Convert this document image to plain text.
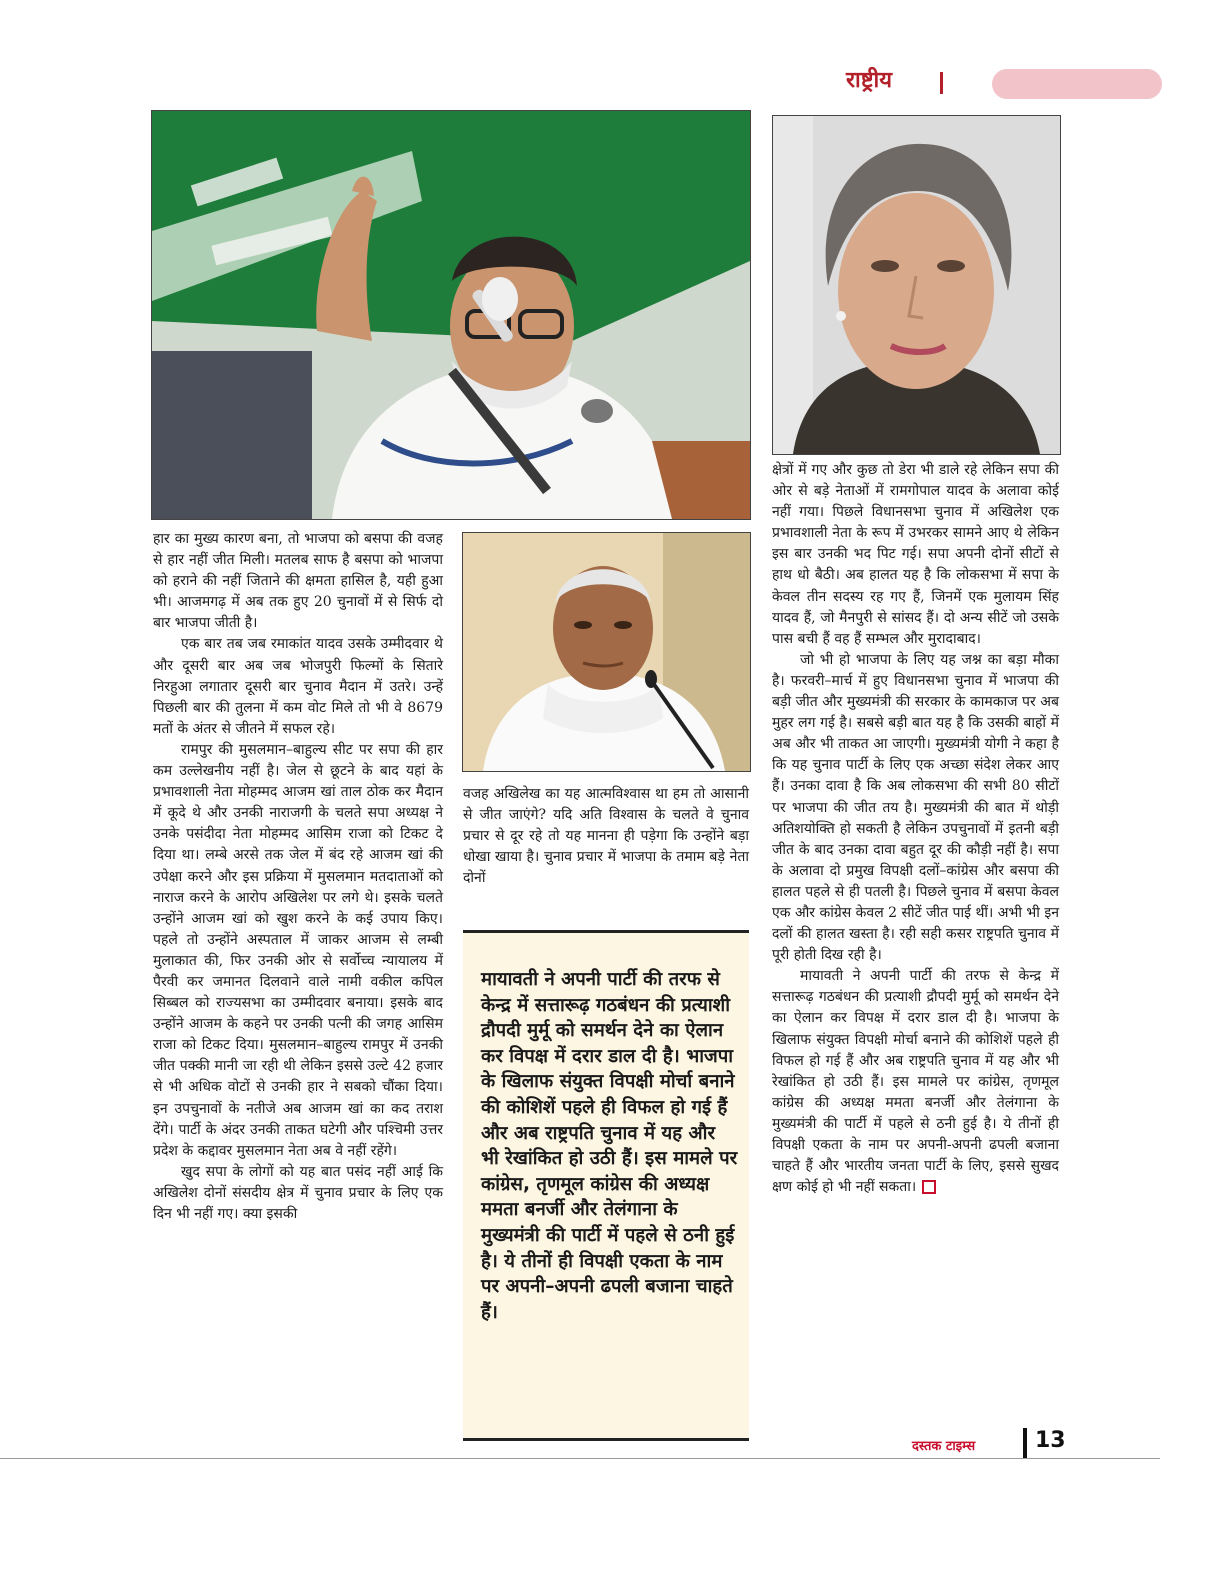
राष्ट्रीय

हार का मुख्य कारण बना, तो भाजपा को बसपा की वजह से हार नहीं जीत मिली। मतलब साफ है बसपा को भाजपा को हराने की नहीं जिताने की क्षमता हासिल है, यही हुआ भी। आजमगढ़ में अब तक हुए 20 चुनावों में से सिर्फ दो बार भाजपा जीती है।

एक बार तब जब रमाकांत यादव उसके उम्मीदवार थे और दूसरी बार अब जब भोजपुरी फिल्मों के सितारे निरहुआ लगातार दूसरी बार चुनाव मैदान में उतरे। उन्हें पिछली बार की तुलना में कम वोट मिले तो भी वे 8679 मतों के अंतर से जीतने में सफल रहे।

रामपुर की मुसलमान–बाहुल्य सीट पर सपा की हार कम उल्लेखनीय नहीं है। जेल से छूटने के बाद यहां के प्रभावशाली नेता मोहम्मद आजम खां ताल ठोक कर मैदान में कूदे थे और उनकी नाराजगी के चलते सपा अध्यक्ष ने उनके पसंदीदा नेता मोहम्मद आसिम राजा को टिकट दे दिया था। लम्बे अरसे तक जेल में बंद रहे आजम खां की उपेक्षा करने और इस प्रक्रिया में मुसलमान मतदाताओं को नाराज करने के आरोप अखिलेश पर लगे थे। इसके चलते उन्होंने आजम खां को खुश करने के कई उपाय किए। पहले तो उन्होंने अस्पताल में जाकर आजम से लम्बी मुलाकात की, फिर उनकी ओर से सर्वोच्च न्यायालय में पैरवी कर जमानत दिलवाने वाले नामी वकील कपिल सिब्बल को राज्यसभा का उम्मीदवार बनाया। इसके बाद उन्होंने आजम के कहने पर उनकी पत्नी की जगह आसिम राजा को टिकट दिया। मुसलमान–बाहुल्य रामपुर में उनकी जीत पक्की मानी जा रही थी लेकिन इससे उल्टे 42 हजार से भी अधिक वोटों से उनकी हार ने सबको चौंका दिया। इन उपचुनावों के नतीजे अब आजम खां का कद तराश देंगे। पार्टी के अंदर उनकी ताकत घटेगी और पश्चिमी उत्तर प्रदेश के कद्दावर मुसलमान नेता अब वे नहीं रहेंगे।

खुद सपा के लोगों को यह बात पसंद नहीं आई कि अखिलेश दोनों संसदीय क्षेत्र में चुनाव प्रचार के लिए एक दिन भी नहीं गए। क्या इसकी

वजह अखिलेख का यह आत्मविश्वास था हम तो आसानी से जीत जाएंगे? यदि अति विश्वास के चलते वे चुनाव प्रचार से दूर रहे तो यह मानना ही पड़ेगा कि उन्होंने बड़ा धोखा खाया है। चुनाव प्रचार में भाजपा के तमाम बड़े नेता दोनों

मायावती ने अपनी पार्टी की तरफ से केन्द्र में सत्तारूढ़ गठबंधन की प्रत्याशी द्रौपदी मुर्मू को समर्थन देने का ऐलान कर विपक्ष में दरार डाल दी है। भाजपा के खिलाफ संयुक्त विपक्षी मोर्चा बनाने की कोशिशें पहले ही विफल हो गई हैं और अब राष्ट्रपति चुनाव में यह और भी रेखांकित हो उठी हैं। इस मामले पर कांग्रेस, तृणमूल कांग्रेस की अध्यक्ष ममता बनर्जी और तेलंगाना के मुख्यमंत्री की पार्टी में पहले से ठनी हुई है। ये तीनों ही विपक्षी एकता के नाम पर अपनी–अपनी ढपली बजाना चाहते हैं।

क्षेत्रों में गए और कुछ तो डेरा भी डाले रहे लेकिन सपा की ओर से बड़े नेताओं में रामगोपाल यादव के अलावा कोई नहीं गया। पिछले विधानसभा चुनाव में अखिलेश एक प्रभावशाली नेता के रूप में उभरकर सामने आए थे लेकिन इस बार उनकी भद पिट गई। सपा अपनी दोनों सीटों से हाथ धो बैठी। अब हालत यह है कि लोकसभा में सपा के केवल तीन सदस्य रह गए हैं, जिनमें एक मुलायम सिंह यादव हैं, जो मैनपुरी से सांसद हैं। दो अन्य सीटें जो उसके पास बची हैं वह हैं सम्भल और मुरादाबाद।

जो भी हो भाजपा के लिए यह जश्न का बड़ा मौका है। फरवरी–मार्च में हुए विधानसभा चुनाव में भाजपा की बड़ी जीत और मुख्यमंत्री की सरकार के कामकाज पर अब मुहर लग गई है। सबसे बड़ी बात यह है कि उसकी बाहों में अब और भी ताकत आ जाएगी। मुख्यमंत्री योगी ने कहा है कि यह चुनाव पार्टी के लिए एक अच्छा संदेश लेकर आए हैं। उनका दावा है कि अब लोकसभा की सभी 80 सीटों पर भाजपा की जीत तय है। मुख्यमंत्री की बात में थोड़ी अतिशयोक्ति हो सकती है लेकिन उपचुनावों में इतनी बड़ी जीत के बाद उनका दावा बहुत दूर की कौड़ी नहीं है। सपा के अलावा दो प्रमुख विपक्षी दलों–कांग्रेस और बसपा की हालत पहले से ही पतली है। पिछले चुनाव में बसपा केवल एक और कांग्रेस केवल 2 सीटें जीत पाई थीं। अभी भी इन दलों की हालत खस्ता है। रही सही कसर राष्ट्रपति चुनाव में पूरी होती दिख रही है।

मायावती ने अपनी पार्टी की तरफ से केन्द्र में सत्तारूढ़ गठबंधन की प्रत्याशी द्रौपदी मुर्मू को समर्थन देने का ऐलान कर विपक्ष में दरार डाल दी है। भाजपा के खिलाफ संयुक्त विपक्षी मोर्चा बनाने की कोशिशें पहले ही विफल हो गई हैं और अब राष्ट्रपति चुनाव में यह और भी रेखांकित हो उठी हैं। इस मामले पर कांग्रेस, तृणमूल कांग्रेस की अध्यक्ष ममता बनर्जी और तेलंगाना के मुख्यमंत्री की पार्टी में पहले से ठनी हुई है। ये तीनों ही विपक्षी एकता के नाम पर अपनी-अपनी ढपली बजाना चाहते हैं और भारतीय जनता पार्टी के लिए, इससे सुखद क्षण कोई हो भी नहीं सकता।

दस्तक टाइम्स	13
